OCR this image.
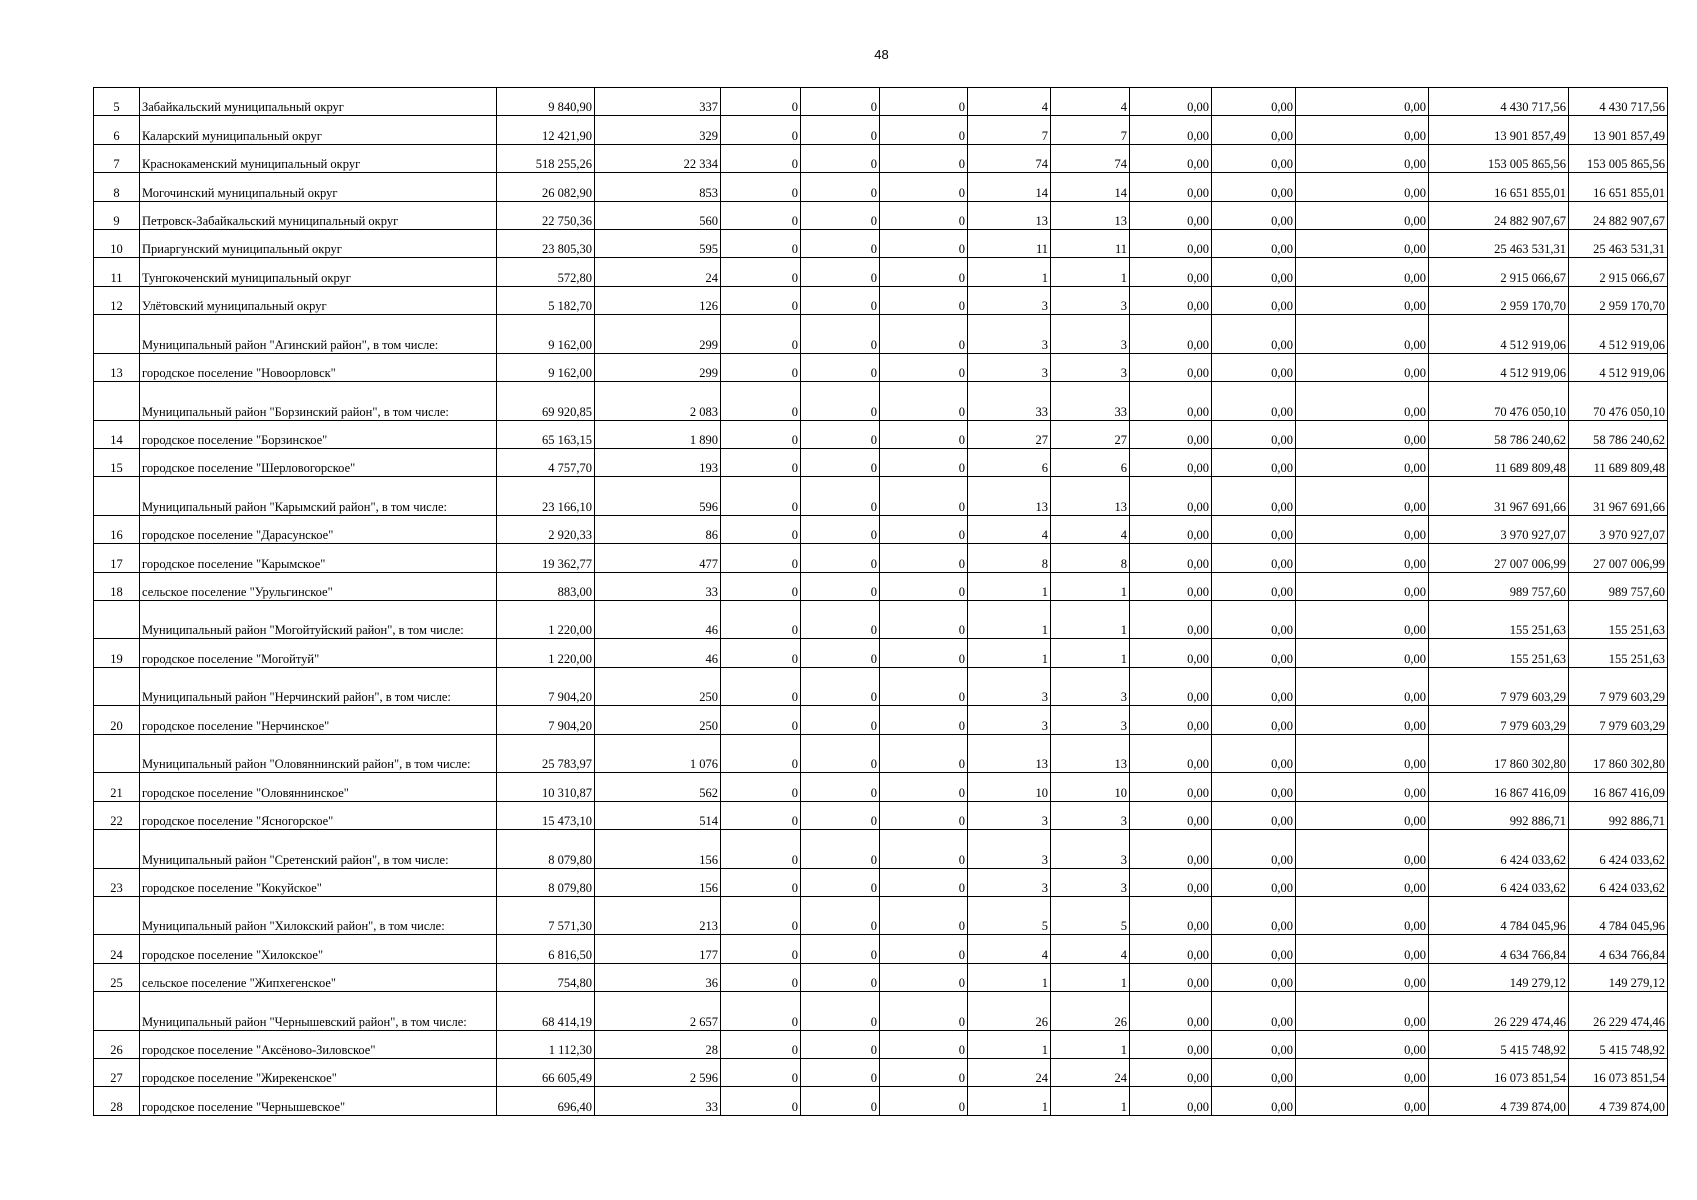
48
5	Забайкальский муниципальный округ	9 840,90	337	0	0	0	4	4	0,00	0,00	0,00	4 430 717,56	4 430 717,56
6	Каларский муниципальный округ	12 421,90	329	0	0	0	7	7	0,00	0,00	0,00	13 901 857,49	13 901 857,49
7	Краснокаменский муниципальный округ	518 255,26	22 334	0	0	0	74	74	0,00	0,00	0,00	153 005 865,56	153 005 865,56
8	Могочинский муниципальный округ	26 082,90	853	0	0	0	14	14	0,00	0,00	0,00	16 651 855,01	16 651 855,01
9	Петровск-Забайкальский муниципальный округ	22 750,36	560	0	0	0	13	13	0,00	0,00	0,00	24 882 907,67	24 882 907,67
10	Приаргунский муниципальный округ	23 805,30	595	0	0	0	11	11	0,00	0,00	0,00	25 463 531,31	25 463 531,31
11	Тунгокоченский муниципальный округ	572,80	24	0	0	0	1	1	0,00	0,00	0,00	2 915 066,67	2 915 066,67
12	Улётовский муниципальный округ	5 182,70	126	0	0	0	3	3	0,00	0,00	0,00	2 959 170,70	2 959 170,70
	Муниципальный район "Агинский район", в том числе:	9 162,00	299	0	0	0	3	3	0,00	0,00	0,00	4 512 919,06	4 512 919,06
13	городское поселение "Новоорловск"	9 162,00	299	0	0	0	3	3	0,00	0,00	0,00	4 512 919,06	4 512 919,06
	Муниципальный район "Борзинский район", в том числе:	69 920,85	2 083	0	0	0	33	33	0,00	0,00	0,00	70 476 050,10	70 476 050,10
14	городское поселение "Борзинское"	65 163,15	1 890	0	0	0	27	27	0,00	0,00	0,00	58 786 240,62	58 786 240,62
15	городское поселение "Шерловогорское"	4 757,70	193	0	0	0	6	6	0,00	0,00	0,00	11 689 809,48	11 689 809,48
	Муниципальный район "Карымский район", в том числе:	23 166,10	596	0	0	0	13	13	0,00	0,00	0,00	31 967 691,66	31 967 691,66
16	городское поселение "Дарасунское"	2 920,33	86	0	0	0	4	4	0,00	0,00	0,00	3 970 927,07	3 970 927,07
17	городское поселение "Карымское"	19 362,77	477	0	0	0	8	8	0,00	0,00	0,00	27 007 006,99	27 007 006,99
18	сельское поселение "Урульгинское"	883,00	33	0	0	0	1	1	0,00	0,00	0,00	989 757,60	989 757,60
	Муниципальный район "Могойтуйский район", в том числе:	1 220,00	46	0	0	0	1	1	0,00	0,00	0,00	155 251,63	155 251,63
19	городское поселение "Могойтуй"	1 220,00	46	0	0	0	1	1	0,00	0,00	0,00	155 251,63	155 251,63
	Муниципальный район "Нерчинский район", в том числе:	7 904,20	250	0	0	0	3	3	0,00	0,00	0,00	7 979 603,29	7 979 603,29
20	городское поселение "Нерчинское"	7 904,20	250	0	0	0	3	3	0,00	0,00	0,00	7 979 603,29	7 979 603,29
	Муниципальный район "Оловяннинский район", в том числе:	25 783,97	1 076	0	0	0	13	13	0,00	0,00	0,00	17 860 302,80	17 860 302,80
21	городское поселение "Оловяннинское"	10 310,87	562	0	0	0	10	10	0,00	0,00	0,00	16 867 416,09	16 867 416,09
22	городское поселение "Ясногорское"	15 473,10	514	0	0	0	3	3	0,00	0,00	0,00	992 886,71	992 886,71
	Муниципальный район "Сретенский район", в том числе:	8 079,80	156	0	0	0	3	3	0,00	0,00	0,00	6 424 033,62	6 424 033,62
23	городское поселение "Кокуйское"	8 079,80	156	0	0	0	3	3	0,00	0,00	0,00	6 424 033,62	6 424 033,62
	Муниципальный район "Хилокский район", в том числе:	7 571,30	213	0	0	0	5	5	0,00	0,00	0,00	4 784 045,96	4 784 045,96
24	городское поселение "Хилокское"	6 816,50	177	0	0	0	4	4	0,00	0,00	0,00	4 634 766,84	4 634 766,84
25	сельское поселение "Жипхегенское"	754,80	36	0	0	0	1	1	0,00	0,00	0,00	149 279,12	149 279,12
	Муниципальный район "Чернышевский район", в том числе:	68 414,19	2 657	0	0	0	26	26	0,00	0,00	0,00	26 229 474,46	26 229 474,46
26	городское поселение "Аксёново-Зиловское"	1 112,30	28	0	0	0	1	1	0,00	0,00	0,00	5 415 748,92	5 415 748,92
27	городское поселение "Жирекенское"	66 605,49	2 596	0	0	0	24	24	0,00	0,00	0,00	16 073 851,54	16 073 851,54
28	городское поселение "Чернышевское"	696,40	33	0	0	0	1	1	0,00	0,00	0,00	4 739 874,00	4 739 874,00
